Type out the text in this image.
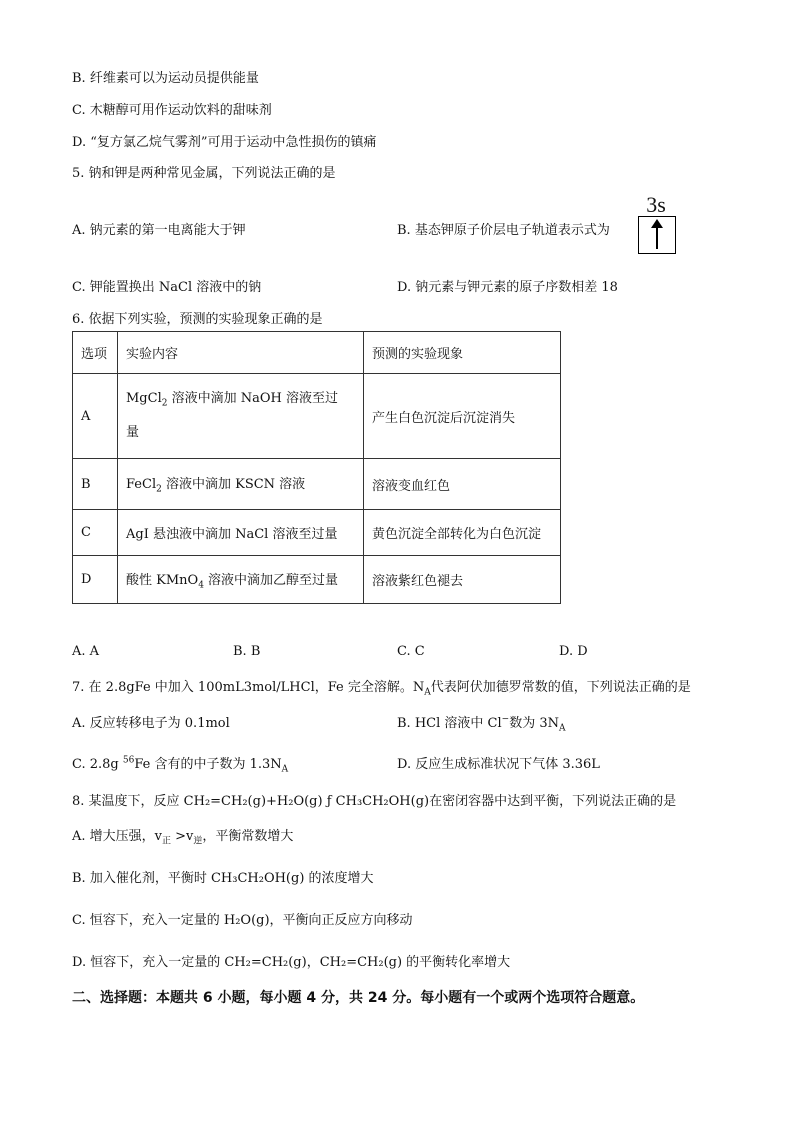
B. 纤维素可以为运动员提供能量
C. 木糖醇可用作运动饮料的甜味剂
D. “复方氯乙烷气雾剂”可用于运动中急性损伤的镇痛
5. 钠和钾是两种常见金属，下列说法正确的是
A. 钠元素的第一电离能大于钾	B. 基态钾原子价层电子轨道表示式为
3s
C. 钾能置换出 NaCl 溶液中的钠	D. 钠元素与钾元素的原子序数相差 18
6. 依据下列实验，预测的实验现象正确的是
选项	实验内容	预测的实验现象
A	MgCl$_2$ 溶液中滴加 NaOH 溶液至过
量	产生白色沉淀后沉淀消失
B	FeCl$_2$ 溶液中滴加 KSCN 溶液	溶液变血红色
C	AgI 悬浊液中滴加 NaCl 溶液至过量	黄色沉淀全部转化为白色沉淀
D	酸性 KMnO$_4$ 溶液中滴加乙醇至过量	溶液紫红色褪去
A. A	B. B	C. C	D. D
7. 在 2.8gFe 中加入 100mL3mol/LHCl，Fe 完全溶解。$N_A$代表阿伏加德罗常数的值，下列说法正确的是
A. 反应转移电子为 0.1mol	B. HCl 溶液中 Cl−数为 $3N_A$
C. 2.8g $^{56}$Fe 含有的中子数为 $1.3N_A$	D. 反应生成标准状况下气体 3.36L
8. 某温度下，反应 CH₂=CH₂(g)+H₂O(g) ƒ CH₃CH₂OH(g)在密闭容器中达到平衡，下列说法正确的是
A. 增大压强，$v_正 >v_逆$，平衡常数增大
B. 加入催化剂，平衡时 CH₃CH₂OH(g) 的浓度增大
C. 恒容下，充入一定量的 H₂O(g)，平衡向正反应方向移动
D. 恒容下，充入一定量的 CH₂=CH₂(g)，CH₂=CH₂(g) 的平衡转化率增大
二、选择题：本题共 6 小题，每小题 4 分，共 24 分。每小题有一个或两个选项符合题意。
